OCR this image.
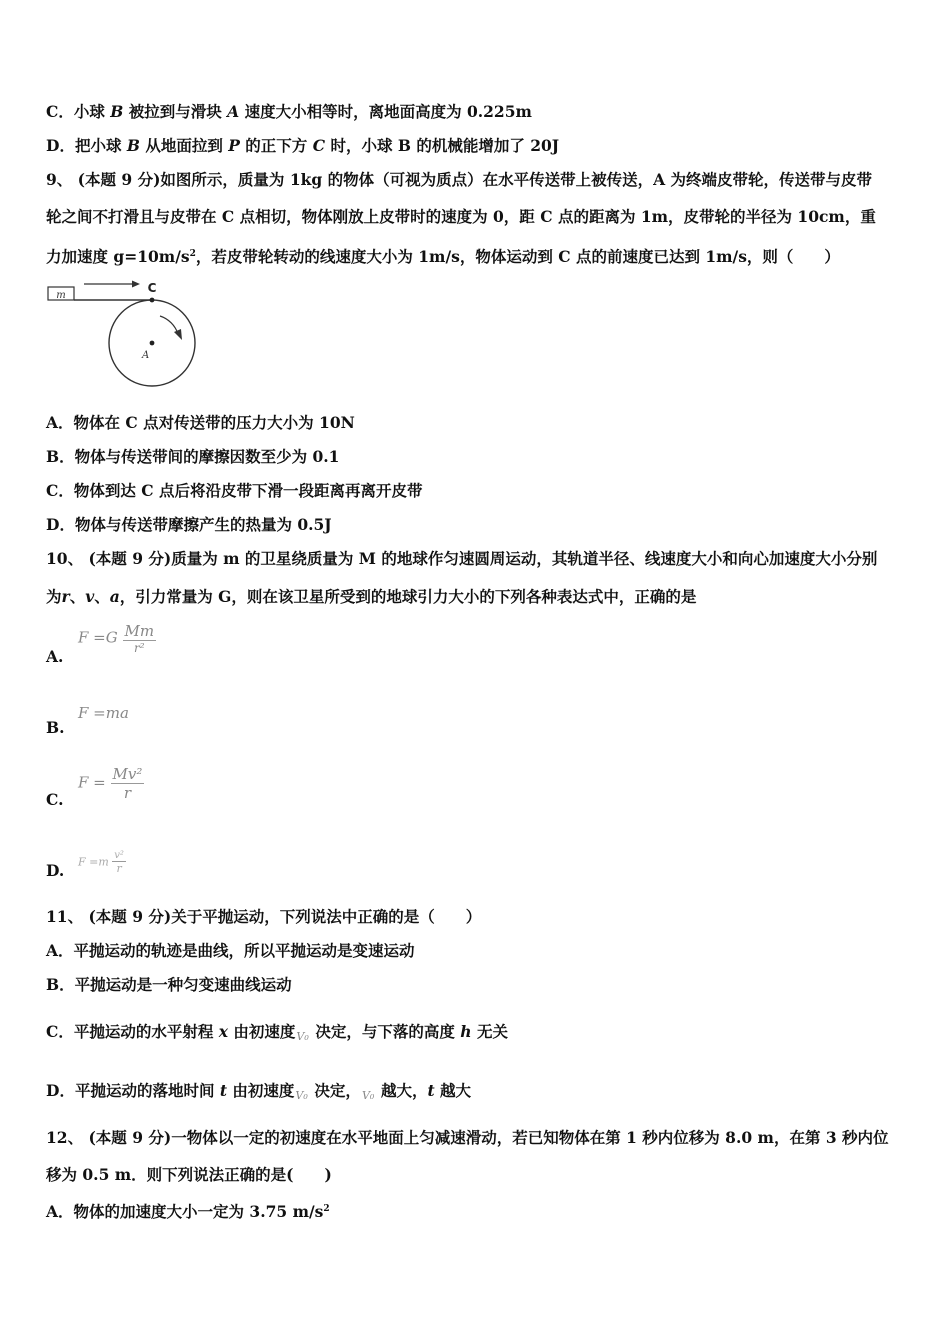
C．小球 B 被拉到与滑块 A 速度大小相等时，离地面高度为 0.225m
D．把小球 B 从地面拉到 P 的正下方 C 时，小球 B 的机械能增加了 20J
9、 (本题 9 分)如图所示，质量为 1kg 的物体（可视为质点）在水平传送带上被传送，A 为终端皮带轮，传送带与皮带
轮之间不打滑且与皮带在 C 点相切，物体刚放上皮带时的速度为 0，距 C 点的距离为 1m，皮带轮的半径为 10cm，重
力加速度 $g=10m/s^2$，若皮带轮转动的线速度大小为 1m/s，物体运动到 C 点的前速度已达到 1m/s，则（　　）
m
C
A
A．物体在 C 点对传送带的压力大小为 10N
B．物体与传送带间的摩擦因数至少为 0.1
C．物体到达 C 点后将沿皮带下滑一段距离再离开皮带
D．物体与传送带摩擦产生的热量为 0.5J
10、 (本题 9 分)质量为 m 的卫星绕质量为 M 的地球作匀速圆周运动，其轨道半径、线速度大小和向心加速度大小分别
为r、v、a，引力常量为 G，则在该卫星所受到的地球引力大小的下列各种表达式中，正确的是
A.
$F =G \frac{Mm}{\text{r²}}$
B.
F =ma
C.
$F = \frac{\text{Mv²}}{r}$
D. $F =m \frac{\text{v²}}{r}$
11、 (本题 9 分)关于平抛运动，下列说法中正确的是（　　）
A．平抛运动的轨迹是曲线，所以平抛运动是变速运动
B．平抛运动是一种匀变速曲线运动
C．平抛运动的水平射程 x 由初速度 V₀ 决定，与下落的高度 h 无关
D．平抛运动的落地时间 t 由初速度 V₀ 决定， V₀ 越大，t 越大
12、 (本题 9 分)一物体以一定的初速度在水平地面上匀减速滑动，若已知物体在第 1 秒内位移为 8.0 m，在第 3 秒内位
移为 0.5 m．则下列说法正确的是(　　)
A．物体的加速度大小一定为 3.75 $m/s^2$
